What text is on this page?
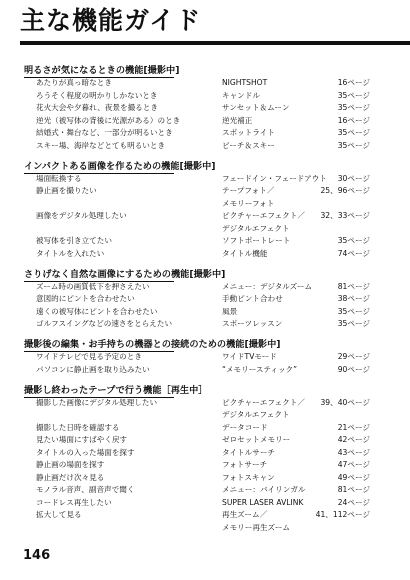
主な機能ガイド
明るさが気になるときの機能[撮影中]
あたりが真っ暗なとき	NIGHTSHOT	16ページ
ろうそく程度の明かりしかないとき	キャンドル	35ページ
花火大会や夕暮れ、夜景を撮るとき	サンセット＆ムーン	35ページ
逆光（被写体の背後に光源がある）のとき	逆光補正	16ページ
結婚式・舞台など、一部分が明るいとき	スポットライト	35ページ
スキー場、海岸などとても明るいとき	ビーチ＆スキー	35ページ
インパクトある画像を作るための機能[撮影中]
場面転換する	フェードイン・フェードアウト 30ページ
静止画を撮りたい	テープフォト／	25、96ページ
メモリーフォト
画像をデジタル処理したい	ピクチャーエフェクト／ 32、33ページ
デジタルエフェクト
被写体を引き立てたい	ソフトポートレート	35ページ
タイトルを入れたい	タイトル機能	74ページ
さりげなく自然な画像にするための機能[撮影中]
ズーム時の画質低下を押さえたい	メニュー：デジタルズーム	81ページ
意図的にピントを合わせたい	手動ピント合わせ	38ページ
遠くの被写体にピントを合わせたい	風景	35ページ
ゴルフスイングなどの速さをとらえたい	スポーツレッスン	35ページ
撮影後の編集・お手持ちの機器との接続のための機能[撮影中]
ワイドテレビで見る予定のとき	ワイドTVモード	29ページ
パソコンに静止画を取り込みたい	“メモリースティック”	90ページ
撮影し終わったテープで行う機能［再生中］
撮影した画像にデジタル処理したい	ピクチャーエフェクト／ 39、40ページ
デジタルエフェクト
撮影した日時を確認する	データコード	21ページ
見たい場面にすばやく戻す	ゼロセットメモリー	42ページ
タイトルの入った場面を探す	タイトルサーチ	43ページ
静止画の場面を探す	フォトサーチ	47ページ
静止画だけ次々見る	フォトスキャン	49ページ
モノラル音声、副音声で聞く	メニュー：バイリンガル	81ページ
コードレス再生したい	SUPER LASER AVLINK	24ページ
拡大して見る	再生ズーム／	41、112ページ
メモリー再生ズーム
146
